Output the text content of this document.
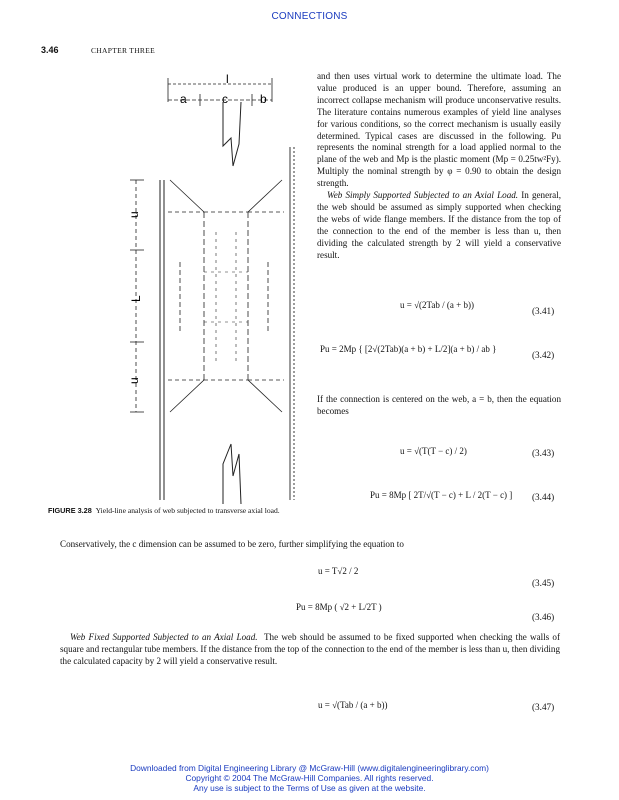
CONNECTIONS
3.46	CHAPTER THREE
l
a	c	b
u
L
u

and then uses virtual work to determine the ultimate load. The value produced is an upper bound. Therefore, assuming an incorrect collapse mechanism will produce unconservative results. The literature contains numerous examples of yield line analyses for various conditions, so the correct mechanism is usually easily determined. Typical cases are discussed in the following. Pu represents the nominal strength for a load applied normal to the plane of the web and Mp is the plastic moment (Mp = 0.25tw²Fy). Multiply the nominal strength by φ = 0.90 to obtain the design strength.

Web Simply Supported Subjected to an Axial Load. In general, the web should be assumed as simply supported when checking the webs of wide flange members. If the distance from the top of the connection to the end of the member is less than u, then dividing the calculated strength by 2 will yield a conservative result.

u = √(2Tab / (a + b))
(3.41)
Pu = 2Mp { [2√(2Tab)(a + b) + L/2](a + b) / ab }
(3.42)
If the connection is centered on the web, a = b, then the equation becomes
u = √(T(T − c) / 2)	(3.43)
Pu = 8Mp [ 2T/√(T − c) + L / 2(T − c) ]	(3.44)
FIGURE 3.28 Yield-line analysis of web subjected to transverse axial load.
Conservatively, the c dimension can be assumed to be zero, further simplifying the equation to
u = T√2 / 2
(3.45)
Pu = 8Mp ( √2 + L/2T )
(3.46)

Web Fixed Supported Subjected to an Axial Load. The web should be assumed to be fixed supported when checking the walls of square and rectangular tube members. If the distance from the top of the connection to the end of the member is less than u, then dividing the calculated capacity by 2 will yield a conservative result.

u = √(Tab / (a + b))	(3.47)
Downloaded from Digital Engineering Library @ McGraw-Hill (www.digitalengineeringlibrary.com)
Copyright © 2004 The McGraw-Hill Companies. All rights reserved.
Any use is subject to the Terms of Use as given at the website.
